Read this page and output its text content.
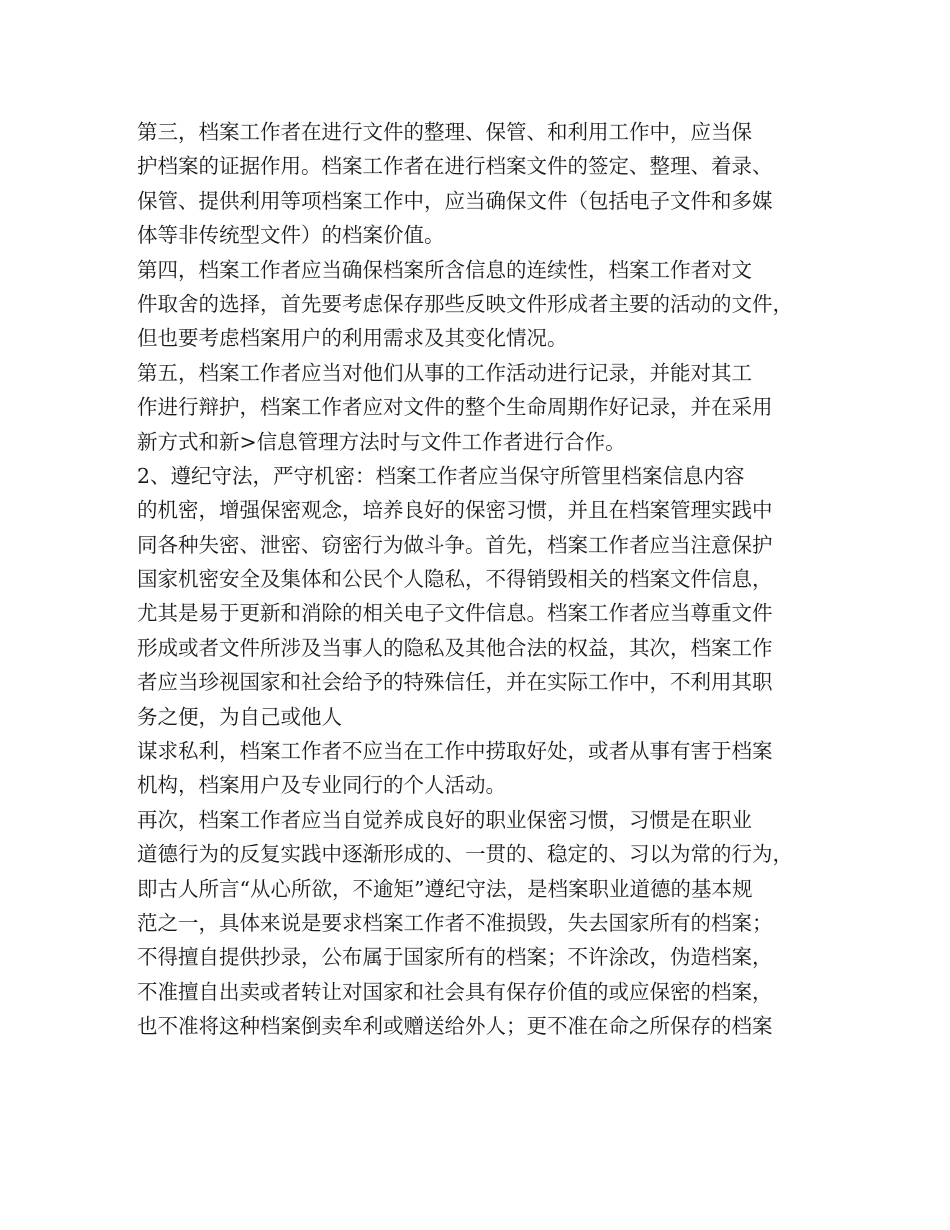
第三，档案工作者在进行文件的整理、保管、和利用工作中，应当保
护档案的证据作用。档案工作者在进行档案文件的签定、整理、着录、
保管、提供利用等项档案工作中，应当确保文件（包括电子文件和多媒
体等非传统型文件）的档案价值。
第四，档案工作者应当确保档案所含信息的连续性，档案工作者对文
件取舍的选择，首先要考虑保存那些反映文件形成者主要的活动的文件，
但也要考虑档案用户的利用需求及其变化情况。
第五，档案工作者应当对他们从事的工作活动进行记录，并能对其工
作进行辩护，档案工作者应对文件的整个生命周期作好记录，并在采用
新方式和新>信息管理方法时与文件工作者进行合作。
2、遵纪守法，严守机密：档案工作者应当保守所管里档案信息内容
的机密，增强保密观念，培养良好的保密习惯，并且在档案管理实践中
同各种失密、泄密、窃密行为做斗争。首先，档案工作者应当注意保护
国家机密安全及集体和公民个人隐私，不得销毁相关的档案文件信息，
尤其是易于更新和消除的相关电子文件信息。档案工作者应当尊重文件
形成或者文件所涉及当事人的隐私及其他合法的权益，其次，档案工作
者应当珍视国家和社会给予的特殊信任，并在实际工作中，不利用其职
务之便，为自己或他人
谋求私利，档案工作者不应当在工作中捞取好处，或者从事有害于档案
机构，档案用户及专业同行的个人活动。
再次，档案工作者应当自觉养成良好的职业保密习惯，习惯是在职业
道德行为的反复实践中逐渐形成的、一贯的、稳定的、习以为常的行为，
即古人所言“从心所欲，不逾矩”遵纪守法，是档案职业道德的基本规
范之一，具体来说是要求档案工作者不准损毁，失去国家所有的档案；
不得擅自提供抄录，公布属于国家所有的档案；不许涂改，伪造档案，
不准擅自出卖或者转让对国家和社会具有保存价值的或应保密的档案，
也不准将这种档案倒卖牟利或赠送给外人；更不准在命之所保存的档案
